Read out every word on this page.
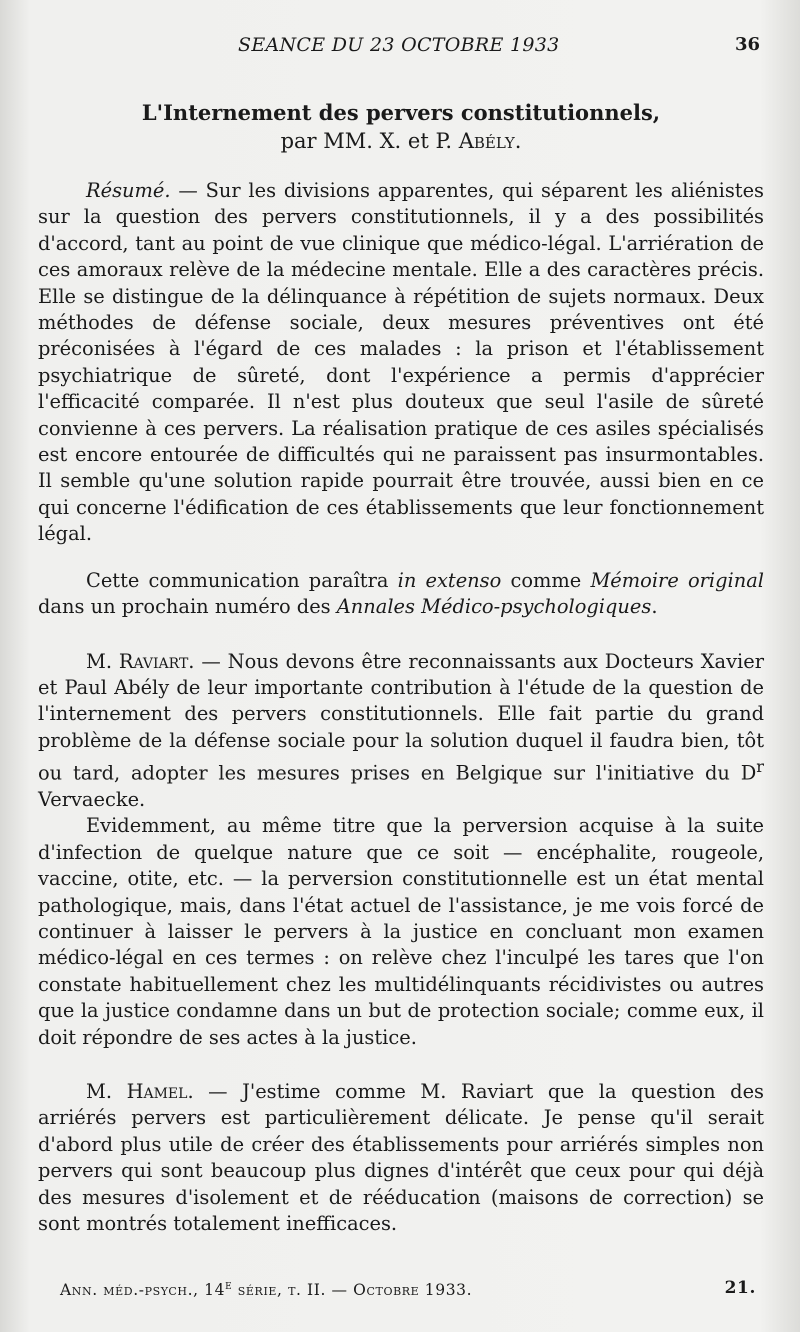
SEANCE DU 23 OCTOBRE 1933	36
L'Internement des pervers constitutionnels,
par MM. X. et P. Abély.

Résumé. — Sur les divisions apparentes, qui séparent les aliénistes sur la question des pervers constitutionnels, il y a des possibilités d'accord, tant au point de vue clinique que médico-légal. L'arriération de ces amoraux relève de la médecine mentale. Elle a des caractères précis. Elle se distingue de la délinquance à répétition de sujets normaux. Deux méthodes de défense sociale, deux mesures préventives ont été préconisées à l'égard de ces malades : la prison et l'établissement psychiatrique de sûreté, dont l'expérience a permis d'apprécier l'efficacité comparée. Il n'est plus douteux que seul l'asile de sûreté convienne à ces pervers. La réalisation pratique de ces asiles spécialisés est encore entourée de difficultés qui ne paraissent pas insurmontables. Il semble qu'une solution rapide pourrait être trouvée, aussi bien en ce qui concerne l'édification de ces établissements que leur fonctionnement légal.

Cette communication paraîtra in extenso comme Mémoire original dans un prochain numéro des Annales Médico-psychologiques.

M. Raviart. — Nous devons être reconnaissants aux Docteurs Xavier et Paul Abély de leur importante contribution à l'étude de la question de l'internement des pervers constitutionnels. Elle fait partie du grand problème de la défense sociale pour la solution duquel il faudra bien, tôt ou tard, adopter les mesures prises en Belgique sur l'initiative du $D^r$ Vervaecke.

Evidemment, au même titre que la perversion acquise à la suite d'infection de quelque nature que ce soit — encéphalite, rougeole, vaccine, otite, etc. — la perversion constitutionnelle est un état mental pathologique, mais, dans l'état actuel de l'assistance, je me vois forcé de continuer à laisser le pervers à la justice en concluant mon examen médico-légal en ces termes : on relève chez l'inculpé les tares que l'on constate habituellement chez les multidélinquants récidivistes ou autres que la justice condamne dans un but de protection sociale; comme eux, il doit répondre de ses actes à la justice.

M. Hamel. — J'estime comme M. Raviart que la question des arriérés pervers est particulièrement délicate. Je pense qu'il serait d'abord plus utile de créer des établissements pour arriérés simples non pervers qui sont beaucoup plus dignes d'intérêt que ceux pour qui déjà des mesures d'isolement et de rééducation (maisons de correction) se sont montrés totalement inefficaces.

Ann. méd.-psych., 14e série, t. II. — Octobre 1933.	21.
